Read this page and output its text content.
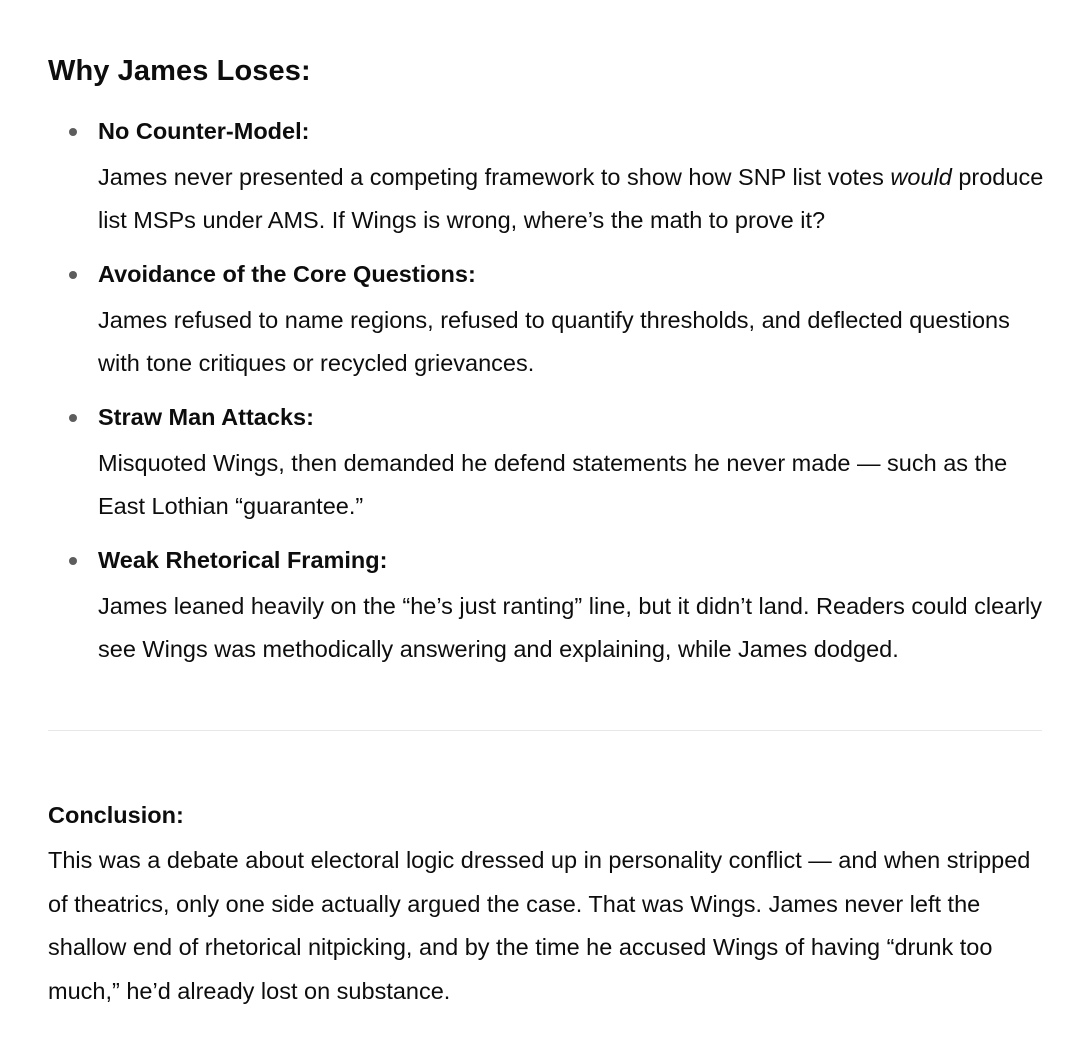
Why James Loses:
No Counter-Model:
James never presented a competing framework to show how SNP list votes would produce list MSPs under AMS. If Wings is wrong, where’s the math to prove it?
Avoidance of the Core Questions:
James refused to name regions, refused to quantify thresholds, and deflected questions with tone critiques or recycled grievances.
Straw Man Attacks:
Misquoted Wings, then demanded he defend statements he never made — such as the East Lothian “guarantee.”
Weak Rhetorical Framing:
James leaned heavily on the “he’s just ranting” line, but it didn’t land. Readers could clearly see Wings was methodically answering and explaining, while James dodged.
Conclusion:

This was a debate about electoral logic dressed up in personality conflict — and when stripped of theatrics, only one side actually argued the case. That was Wings. James never left the shallow end of rhetorical nitpicking, and by the time he accused Wings of having “drunk too much,” he’d already lost on substance.
